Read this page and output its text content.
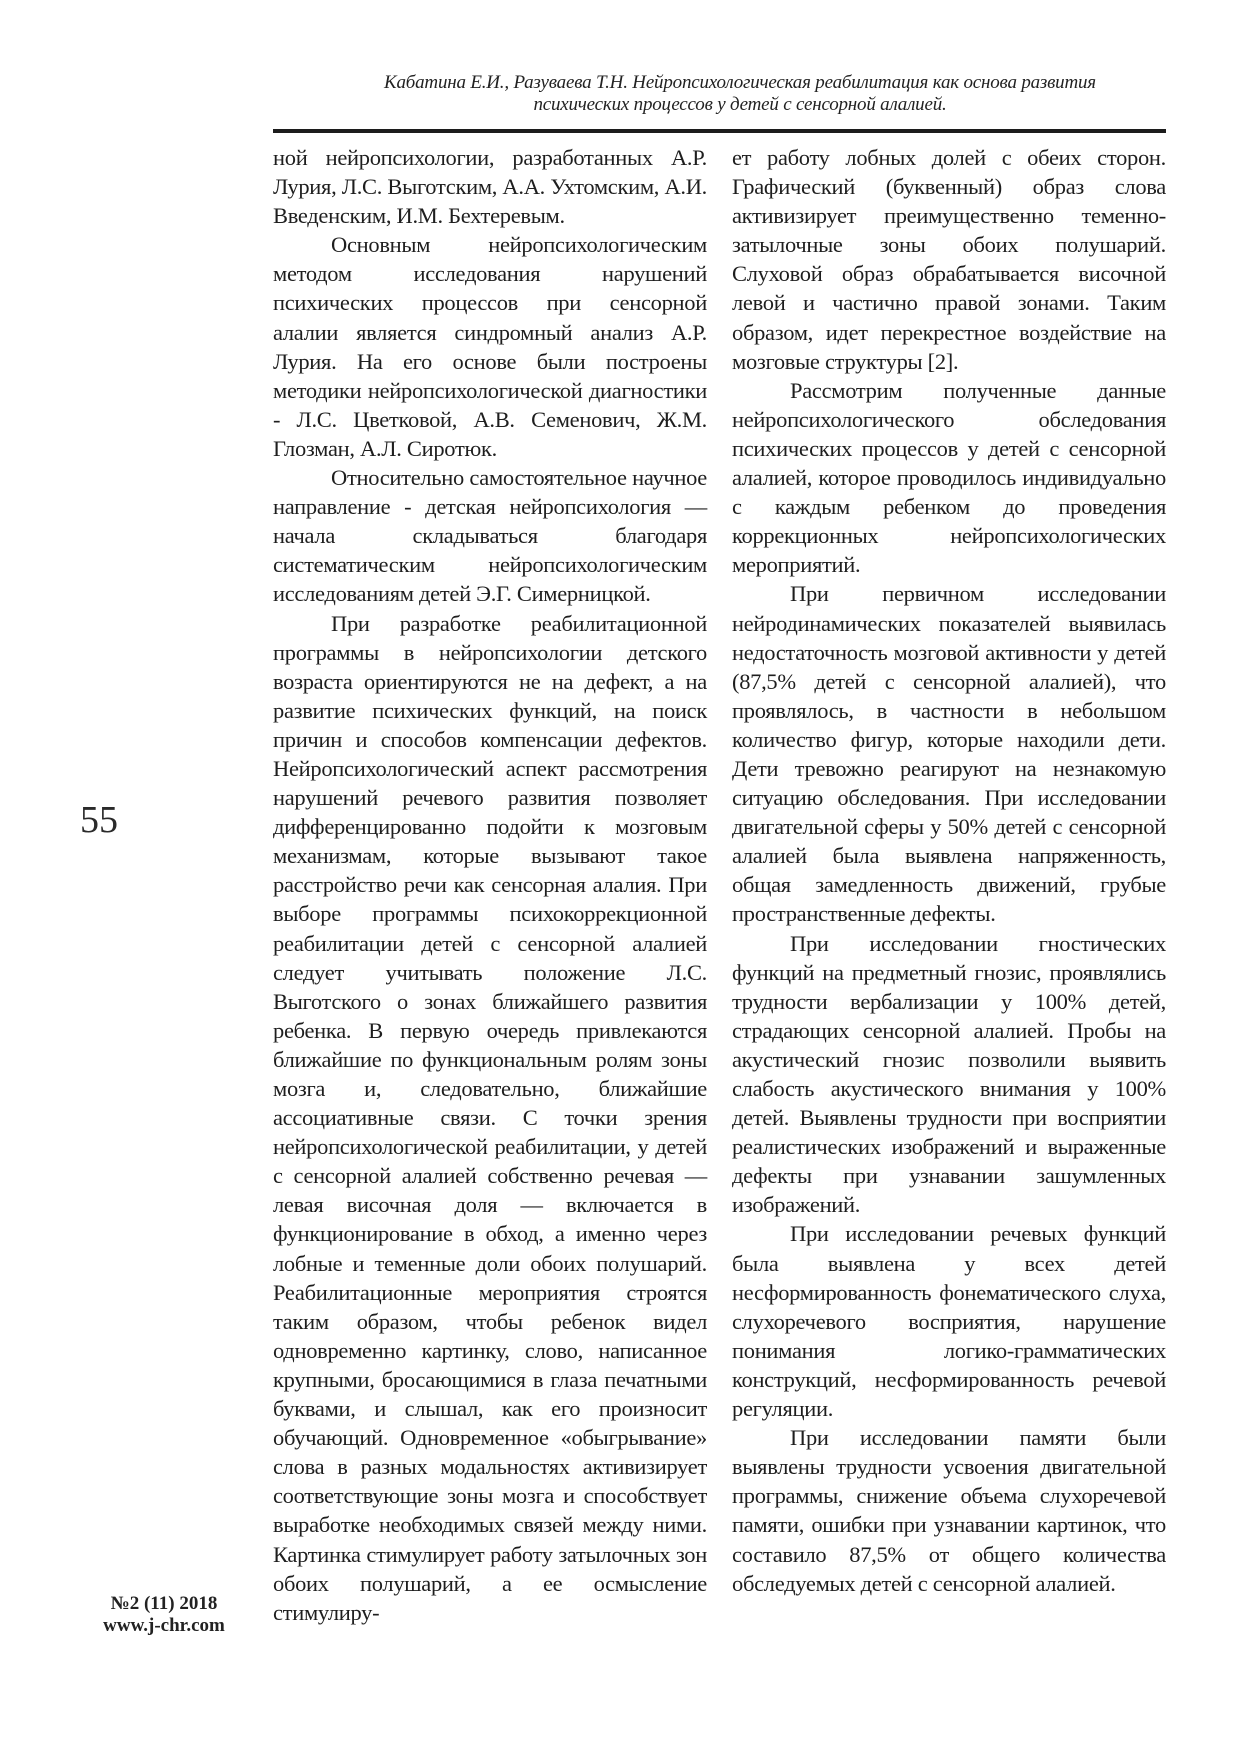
Кабатина Е.И., Разуваева Т.Н. Нейропсихологическая реабилитация как основа развития
психических процессов у детей с сенсорной алалией.

ной нейропсихологии, разработанных А.Р. Лурия, Л.С. Выготским, А.А. Ухтомским, А.И. Введенским, И.М. Бехтеревым.

Основным нейропсихологическим методом исследования нарушений психических процессов при сенсорной алалии является синдромный анализ А.Р. Лурия. На его основе были построены методики нейропсихологической диагностики - Л.С. Цветковой, А.В. Семенович, Ж.М. Глозман, А.Л. Сиротюк.

Относительно самостоятельное научное направление - детская нейропсихология — начала складываться благодаря систематическим нейропсихологическим исследованиям детей Э.Г. Симерницкой.

При разработке реабилитационной программы в нейропсихологии детского возраста ориентируются не на дефект, а на развитие психических функций, на поиск причин и способов компенсации дефектов. Нейропсихологический аспект рассмотрения нарушений речевого развития позволяет дифференцированно подойти к мозговым механизмам, которые вызывают такое расстройство речи как сенсорная алалия. При выборе программы психокоррекционной реабилитации детей с сенсорной алалией следует учитывать положение Л.С. Выготского о зонах ближайшего развития ребенка. В первую очередь привлекаются ближайшие по функциональным ролям зоны мозга и, следовательно, ближайшие ассоциативные связи. С точки зрения нейропсихологической реабилитации, у детей с сенсорной алалией собственно речевая — левая височная доля — включается в функционирование в обход, а именно через лобные и теменные доли обоих полушарий. Реабилитационные мероприятия строятся таким образом, чтобы ребенок видел одновременно картинку, слово, написанное крупными, бросающимися в глаза печатными буквами, и слышал, как его произносит обучающий. Одновременное «обыгрывание» слова в разных модальностях активизирует соответствующие зоны мозга и способствует выработке необходимых связей между ними. Картинка стимулирует работу затылочных зон обоих полушарий, а ее осмысление стимулиру-

ет работу лобных долей с обеих сторон. Графический (буквенный) образ слова активизирует преимущественно теменно-затылочные зоны обоих полушарий. Слуховой образ обрабатывается височной левой и частично правой зонами. Таким образом, идет перекрестное воздействие на мозговые структуры [2].

Рассмотрим полученные данные нейропсихологического обследования психических процессов у детей с сенсорной алалией, которое проводилось индивидуально с каждым ребенком до проведения коррекционных нейропсихологических мероприятий.

При первичном исследовании нейродинамических показателей выявилась недостаточность мозговой активности у детей (87,5% детей с сенсорной алалией), что проявлялось, в частности в небольшом количество фигур, которые находили дети. Дети тревожно реагируют на незнакомую ситуацию обследования. При исследовании двигательной сферы у 50% детей с сенсорной алалией была выявлена напряженность, общая замедленность движений, грубые пространственные дефекты.

При исследовании гностических функций на предметный гнозис, проявлялись трудности вербализации у 100% детей, страдающих сенсорной алалией. Пробы на акустический гнозис позволили выявить слабость акустического внимания у 100% детей. Выявлены трудности при восприятии реалистических изображений и выраженные дефекты при узнавании зашумленных изображений.

При исследовании речевых функций была выявлена у всех детей несформированность фонематического слуха, слухоречевого восприятия, нарушение понимания логико-грамматических конструкций, несформированность речевой регуляции.

При исследовании памяти были выявлены трудности усвоения двигательной программы, снижение объема слухоречевой памяти, ошибки при узнавании картинок, что составило 87,5% от общего количества обследуемых детей с сенсорной алалией.

55
№2 (11) 2018
www.j-chr.com
